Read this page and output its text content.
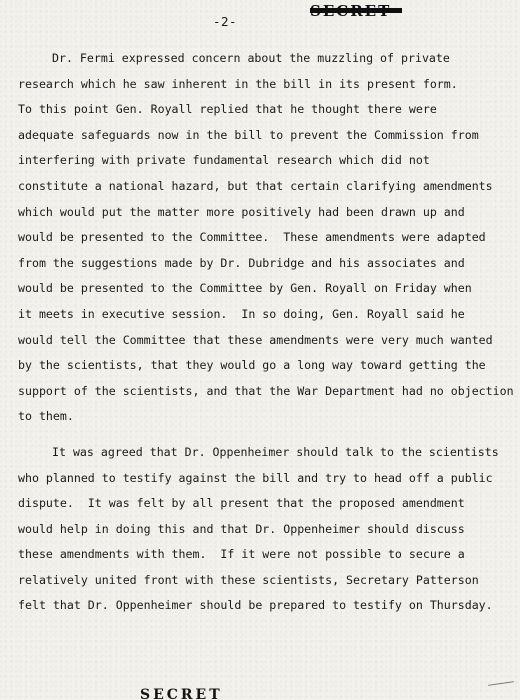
-2-
Dr. Fermi expressed concern about the muzzling of private
research which he saw inherent in the bill in its present form.
To this point Gen. Royall replied that he thought there were
adequate safeguards now in the bill to prevent the Commission from
interfering with private fundamental research which did not
constitute a national hazard, but that certain clarifying amendments
which would put the matter more positively had been drawn up and
would be presented to the Committee.  These amendments were adapted
from the suggestions made by Dr. Dubridge and his associates and
would be presented to the Committee by Gen. Royall on Friday when
it meets in executive session.  In so doing, Gen. Royall said he
would tell the Committee that these amendments were very much wanted
by the scientists, that they would go a long way toward getting the
support of the scientists, and that the War Department had no objection
to them.
It was agreed that Dr. Oppenheimer should talk to the scientists
who planned to testify against the bill and try to head off a public
dispute.  It was felt by all present that the proposed amendment
would help in doing this and that Dr. Oppenheimer should discuss
these amendments with them.  If it were not possible to secure a
relatively united front with these scientists, Secretary Patterson
felt that Dr. Oppenheimer should be prepared to testify on Thursday.
SECRET
